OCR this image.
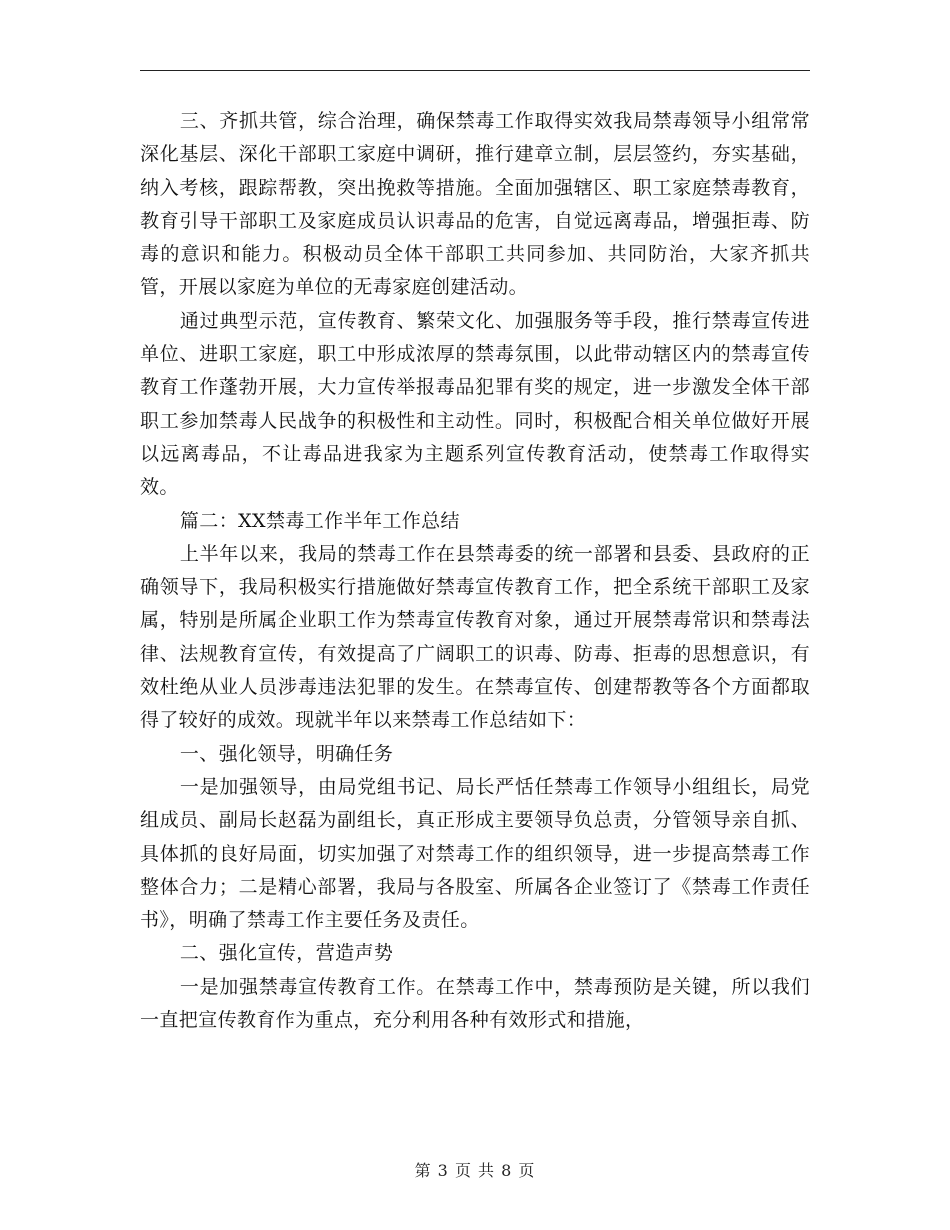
三、齐抓共管，综合治理，确保禁毒工作取得实效我局禁毒领导小组常常深化基层、深化干部职工家庭中调研，推行建章立制，层层签约，夯实基础，纳入考核，跟踪帮教，突出挽救等措施。全面加强辖区、职工家庭禁毒教育，教育引导干部职工及家庭成员认识毒品的危害，自觉远离毒品，增强拒毒、防毒的意识和能力。积极动员全体干部职工共同参加、共同防治，大家齐抓共管，开展以家庭为单位的无毒家庭创建活动。

通过典型示范，宣传教育、繁荣文化、加强服务等手段，推行禁毒宣传进单位、进职工家庭，职工中形成浓厚的禁毒氛围，以此带动辖区内的禁毒宣传教育工作蓬勃开展，大力宣传举报毒品犯罪有奖的规定，进一步激发全体干部职工参加禁毒人民战争的积极性和主动性。同时，积极配合相关单位做好开展以远离毒品，不让毒品进我家为主题系列宣传教育活动，使禁毒工作取得实效。

篇二：XX禁毒工作半年工作总结

上半年以来，我局的禁毒工作在县禁毒委的统一部署和县委、县政府的正确领导下，我局积极实行措施做好禁毒宣传教育工作，把全系统干部职工及家属，特别是所属企业职工作为禁毒宣传教育对象，通过开展禁毒常识和禁毒法律、法规教育宣传，有效提高了广阔职工的识毒、防毒、拒毒的思想意识，有效杜绝从业人员涉毒违法犯罪的发生。在禁毒宣传、创建帮教等各个方面都取得了较好的成效。现就半年以来禁毒工作总结如下：

一、强化领导，明确任务

一是加强领导，由局党组书记、局长严恬任禁毒工作领导小组组长，局党组成员、副局长赵磊为副组长，真正形成主要领导负总责，分管领导亲自抓、具体抓的良好局面，切实加强了对禁毒工作的组织领导，进一步提高禁毒工作整体合力；二是精心部署，我局与各股室、所属各企业签订了《禁毒工作责任书》，明确了禁毒工作主要任务及责任。

二、强化宣传，营造声势

一是加强禁毒宣传教育工作。在禁毒工作中，禁毒预防是关键，所以我们一直把宣传教育作为重点，充分利用各种有效形式和措施，

第 3 页 共 8 页
